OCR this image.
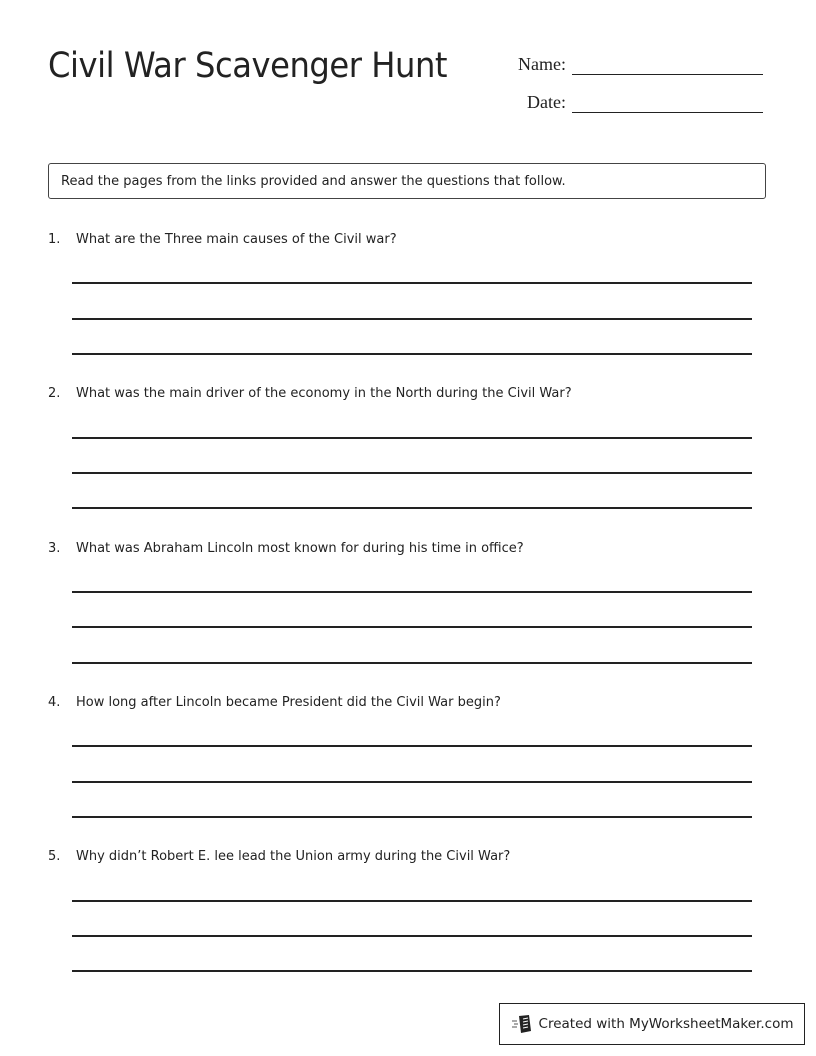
Civil War Scavenger Hunt	Name:
Date:
Read the pages from the links provided and answer the questions that follow.
1. What are the Three main causes of the Civil war?
2. What was the main driver of the economy in the North during the Civil War?
3. What was Abraham Lincoln most known for during his time in office?
4. How long after Lincoln became President did the Civil War begin?
5. Why didn’t Robert E. lee lead the Union army during the Civil War?
Created with MyWorksheetMaker.com
